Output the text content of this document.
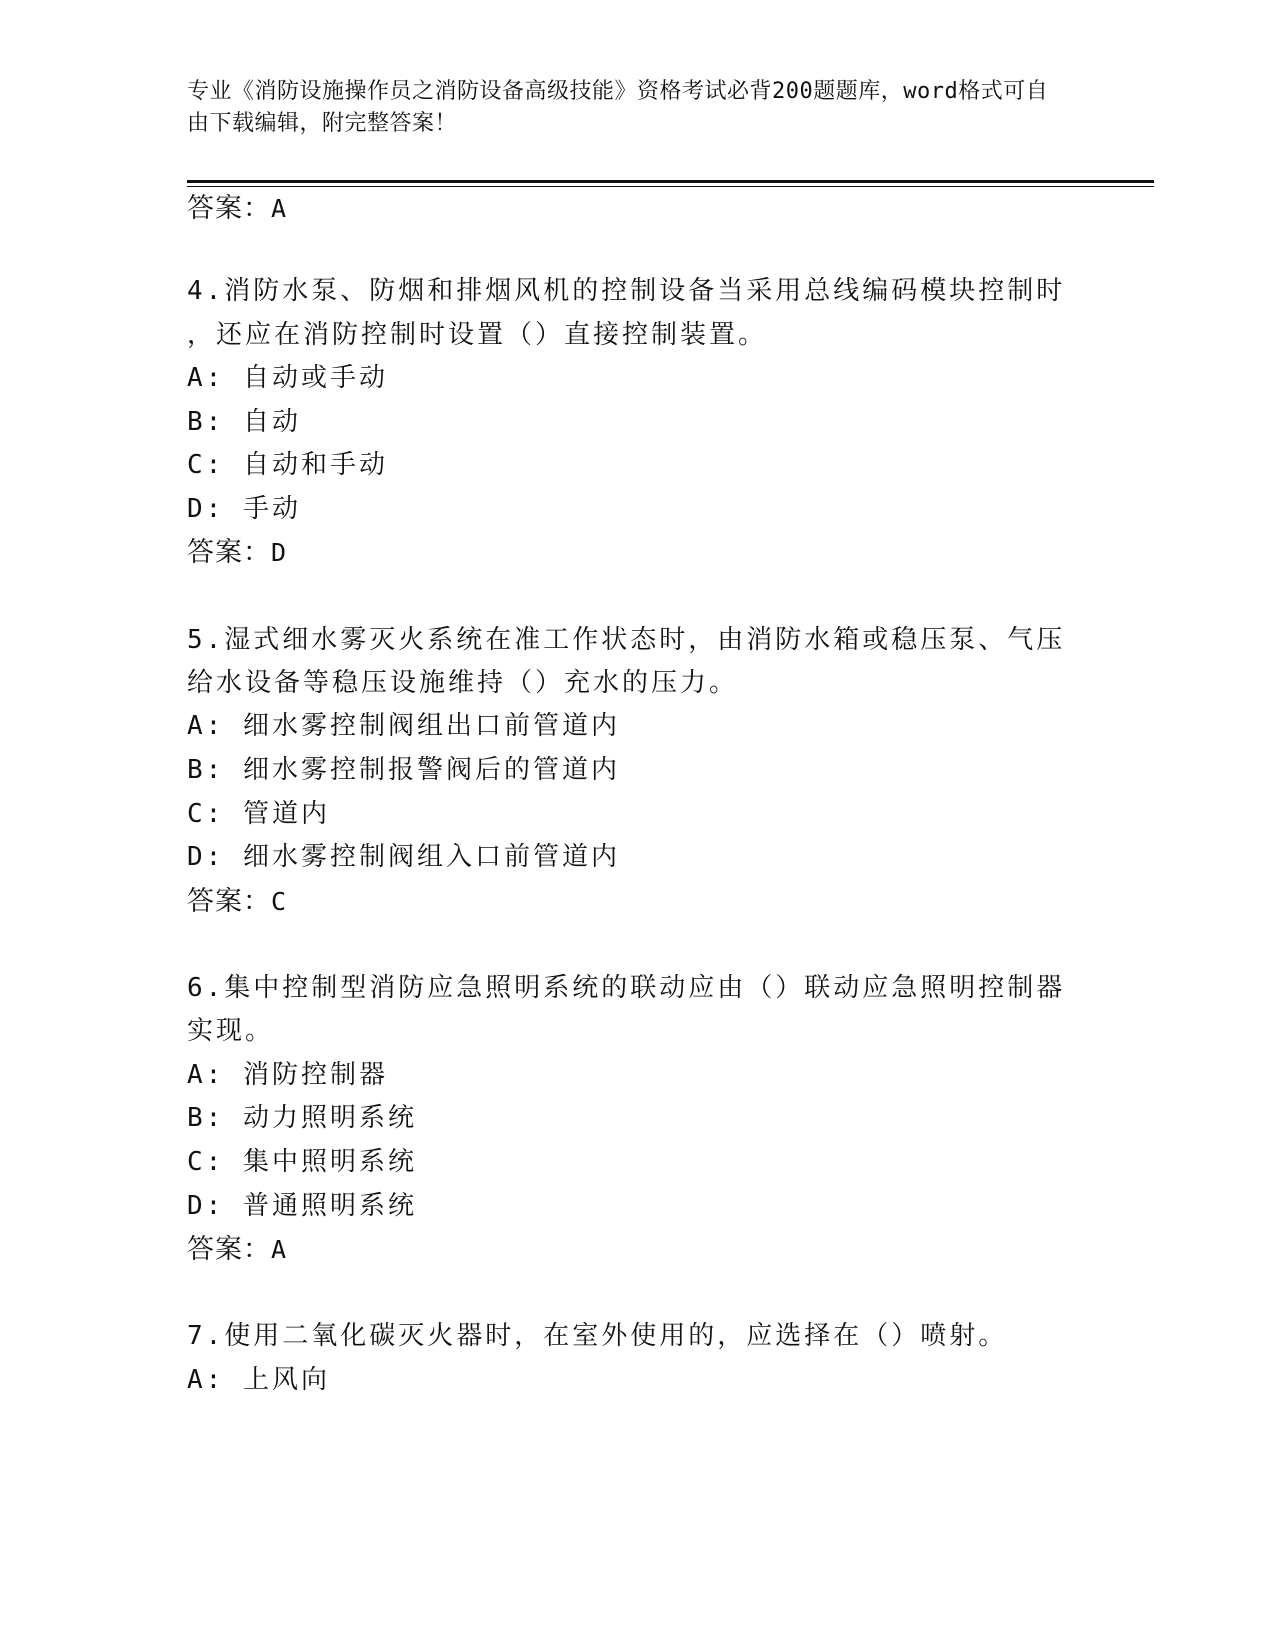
专业《消防设施操作员之消防设备高级技能》资格考试必背200题题库，word格式可自由下载编辑，附完整答案！

答案：A

4.消防水泵、防烟和排烟风机的控制设备当采用总线编码模块控制时

，还应在消防控制时设置（）直接控制装置。

A: 自动或手动

B: 自动

C: 自动和手动

D: 手动

答案：D

5.湿式细水雾灭火系统在准工作状态时，由消防水箱或稳压泵、气压

给水设备等稳压设施维持（）充水的压力。

A: 细水雾控制阀组出口前管道内

B: 细水雾控制报警阀后的管道内

C: 管道内

D: 细水雾控制阀组入口前管道内

答案：C

6.集中控制型消防应急照明系统的联动应由（）联动应急照明控制器

实现。

A: 消防控制器

B: 动力照明系统

C: 集中照明系统

D: 普通照明系统

答案：A

7.使用二氧化碳灭火器时，在室外使用的，应选择在（）喷射。

A: 上风向
